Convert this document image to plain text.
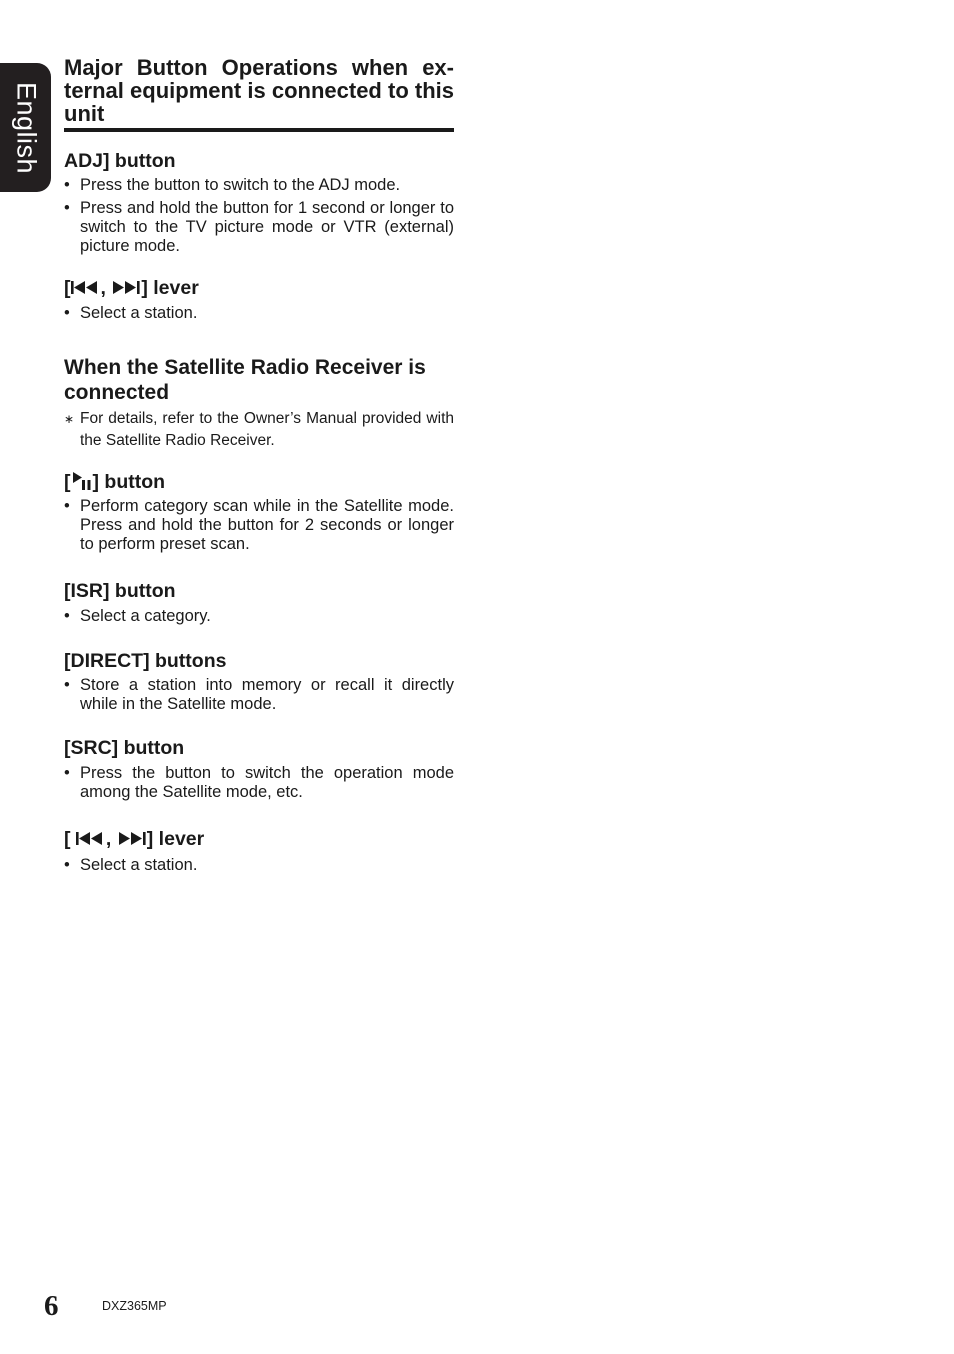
English
Major Button Operations when ex-ternal equipment is connected to this unit
ADJ] button

• Press the button to switch to the ADJ mode.

• Press and hold the button for 1 second or longer to switch to the TV picture mode or VTR (external) picture mode.

[ , ] lever

• Select a station.

When the Satellite Radio Receiver is connected

∗ For details, refer to the Owner’s Manual provided with the Satellite Radio Receiver.

[ ] button

• Perform category scan while in the Satellite mode. Press and hold the button for 2 seconds or longer to perform preset scan.

[ISR] button

• Select a category.

[DIRECT] buttons

• Store a station into memory or recall it directly while in the Satellite mode.

[SRC] button

• Press the button to switch the operation mode among the Satellite mode, etc.

[ , ] lever

• Select a station.

6	DXZ365MP
